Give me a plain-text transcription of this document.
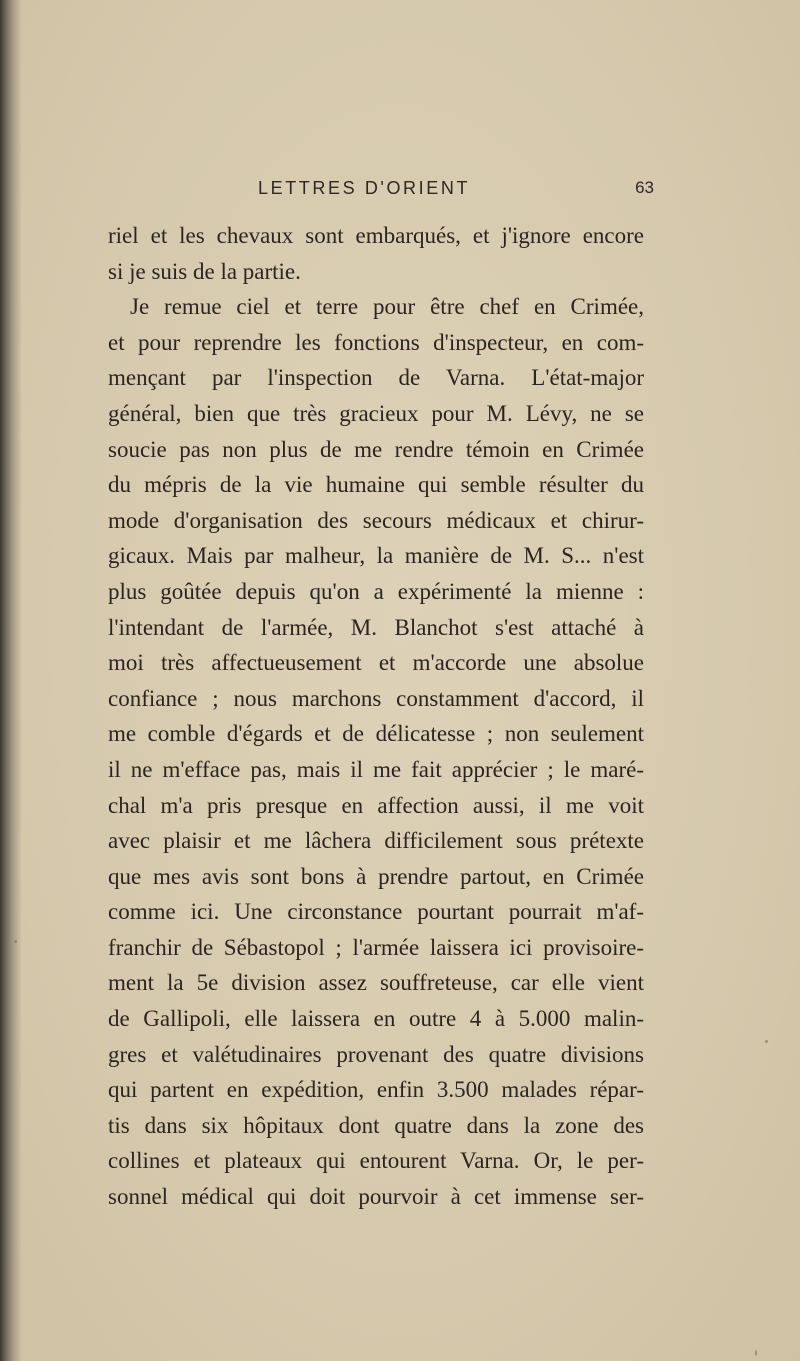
LETTRES D'ORIENT	63
riel et les chevaux sont embarqués, et j'ignore encore
si je suis de la partie.
Je remue ciel et terre pour être chef en Crimée,
et pour reprendre les fonctions d'inspecteur, en com-
mençant par l'inspection de Varna. L'état-major
général, bien que très gracieux pour M. Lévy, ne se
soucie pas non plus de me rendre témoin en Crimée
du mépris de la vie humaine qui semble résulter du
mode d'organisation des secours médicaux et chirur-
gicaux. Mais par malheur, la manière de M. S... n'est
plus goûtée depuis qu'on a expérimenté la mienne :
l'intendant de l'armée, M. Blanchot s'est attaché à
moi très affectueusement et m'accorde une absolue
confiance ; nous marchons constamment d'accord, il
me comble d'égards et de délicatesse ; non seulement
il ne m'efface pas, mais il me fait apprécier ; le maré-
chal m'a pris presque en affection aussi, il me voit
avec plaisir et me lâchera difficilement sous prétexte
que mes avis sont bons à prendre partout, en Crimée
comme ici. Une circonstance pourtant pourrait m'af-
franchir de Sébastopol ; l'armée laissera ici provisoire-
ment la 5e division assez souffreteuse, car elle vient
de Gallipoli, elle laissera en outre 4 à 5.000 malin-
gres et valétudinaires provenant des quatre divisions
qui partent en expédition, enfin 3.500 malades répar-
tis dans six hôpitaux dont quatre dans la zone des
collines et plateaux qui entourent Varna. Or, le per-
sonnel médical qui doit pourvoir à cet immense ser-
